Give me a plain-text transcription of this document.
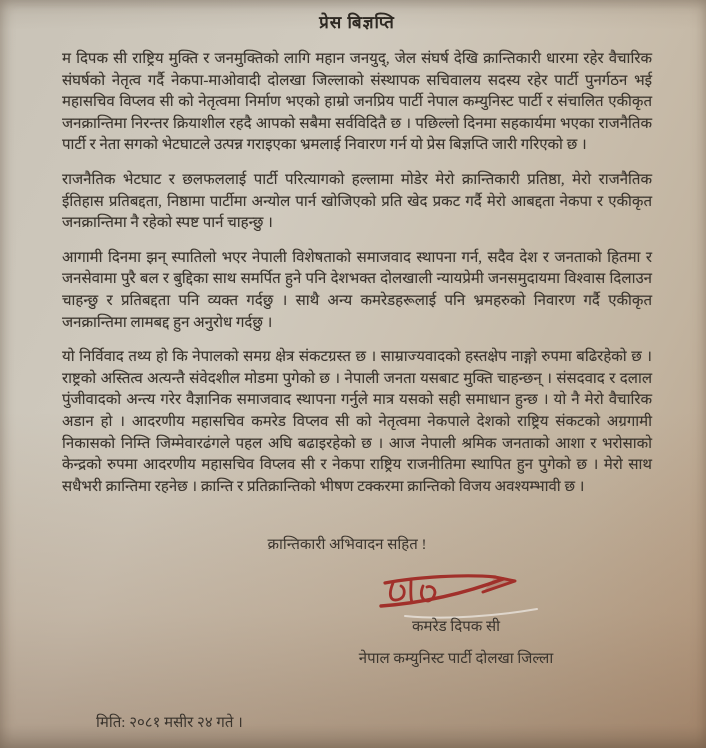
प्रेस बिज्ञप्ति

म दिपक सी राष्ट्रिय मुक्ति र जनमुक्तिको लागि महान जनयुद्, जेल संघर्ष देखि क्रान्तिकारी धारमा रहेर वैचारिक संघर्षको नेतृत्व गर्दै नेकपा-माओवादी दोलखा जिल्लाको संस्थापक सचिवालय सदस्य रहेर पार्टी पुनर्गठन भई महासचिव विप्लव सी को नेतृत्वमा निर्माण भएको हाम्रो जनप्रिय पार्टी नेपाल कम्युनिस्ट पार्टी र संचालित एकीकृत जनक्रान्तिमा निरन्तर क्रियाशील रहदै आपको सबैमा सर्वविदितै छ । पछिल्लो दिनमा सहकार्यमा भएका राजनैतिक पार्टी र नेता सगको भेटघाटले उत्पन्न गराइएका भ्रमलाई निवारण गर्न यो प्रेस बिज्ञप्ति जारी गरिएको छ ।

राजनैतिक भेटघाट र छलफललाई पार्टी परित्यागको हल्लामा मोडेर मेरो क्रान्तिकारी प्रतिष्ठा, मेरो राजनैतिक ईतिहास प्रतिबद्दता, निष्ठामा पार्टीमा अन्योल पार्न खोजिएको प्रति खेद प्रकट गर्दै मेरो आबद्दता नेकपा र एकीकृत जनक्रान्तिमा नै रहेको स्पष्ट पार्न चाहन्छु ।

आगामी दिनमा झन् स्पातिलो भएर नेपाली विशेषताको समाजवाद स्थापना गर्न, सदैव देश र जनताको हितमा र जनसेवामा पुरै बल र बुद्दिका साथ समर्पित हुने पनि देशभक्त दोलखाली न्यायप्रेमी जनसमुदायमा विश्वास दिलाउन चाहन्छु र प्रतिबद्दता पनि व्यक्त गर्दछु । साथै अन्य कमरेडहरूलाई पनि भ्रमहरुको निवारण गर्दै एकीकृत जनक्रान्तिमा लामबद्द हुन अनुरोध गर्दछु ।

यो निर्विवाद तथ्य हो कि नेपालको समग्र क्षेत्र संकटग्रस्त छ । साम्राज्यवादको हस्तक्षेप नाङ्गो रुपमा बढिरहेको छ । राष्ट्रको अस्तित्व अत्यन्तै संवेदशील मोडमा पुगेको छ । नेपाली जनता यसबाट मुक्ति चाहन्छन् । संसदवाद र दलाल पुंजीवादको अन्त्य गरेर वैज्ञानिक समाजवाद स्थापना गर्नुले मात्र यसको सही समाधान हुन्छ । यो नै मेरो वैचारिक अडान हो । आदरणीय महासचिव कमरेड विप्लव सी को नेतृत्वमा नेकपाले देशको राष्ट्रिय संकटको अग्रगामी निकासको निम्ति जिम्मेवारढंगले पहल अघि बढाइरहेको छ । आज नेपाली श्रमिक जनताको आशा र भरोसाको केन्द्रको रुपमा आदरणीय महासचिव विप्लव सी र नेकपा राष्ट्रिय राजनीतिमा स्थापित हुन पुगेको छ । मेरो साथ सधैभरी क्रान्तिमा रहनेछ । क्रान्ति र प्रतिक्रान्तिको भीषण टक्करमा क्रान्तिको विजय अवश्यम्भावी छ ।

क्रान्तिकारी अभिवादन सहित !
कमरेड दिपक सी
नेपाल कम्युनिस्ट पार्टी दोलखा जिल्ला
मिति: २०८१ मसीर २४ गते ।
